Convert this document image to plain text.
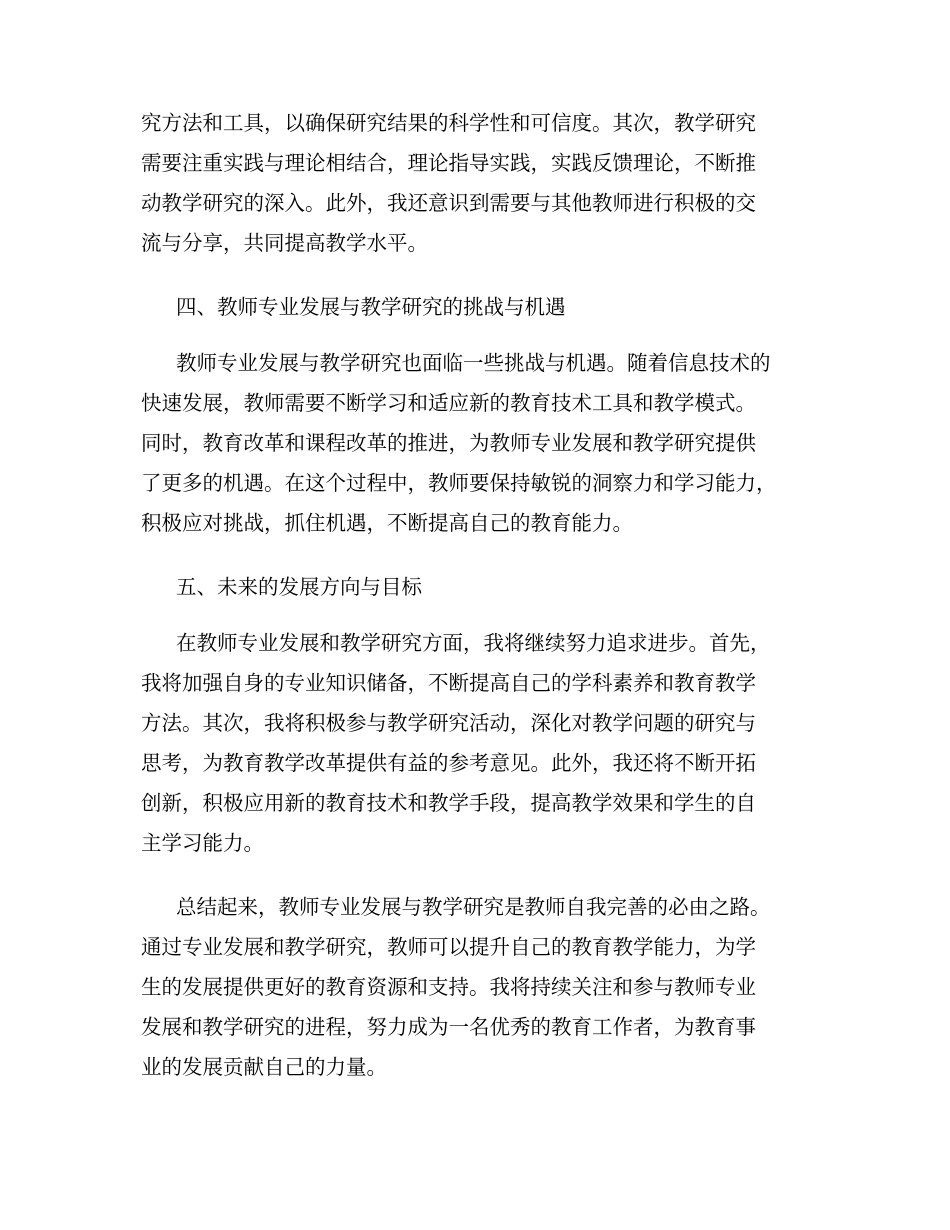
究方法和工具，以确保研究结果的科学性和可信度。其次，教学研究
需要注重实践与理论相结合，理论指导实践，实践反馈理论，不断推
动教学研究的深入。此外，我还意识到需要与其他教师进行积极的交
流与分享，共同提高教学水平。
四、教师专业发展与教学研究的挑战与机遇
教师专业发展与教学研究也面临一些挑战与机遇。随着信息技术的
快速发展，教师需要不断学习和适应新的教育技术工具和教学模式。
同时，教育改革和课程改革的推进，为教师专业发展和教学研究提供
了更多的机遇。在这个过程中，教师要保持敏锐的洞察力和学习能力，
积极应对挑战，抓住机遇，不断提高自己的教育能力。
五、未来的发展方向与目标
在教师专业发展和教学研究方面，我将继续努力追求进步。首先，
我将加强自身的专业知识储备，不断提高自己的学科素养和教育教学
方法。其次，我将积极参与教学研究活动，深化对教学问题的研究与
思考，为教育教学改革提供有益的参考意见。此外，我还将不断开拓
创新，积极应用新的教育技术和教学手段，提高教学效果和学生的自
主学习能力。
总结起来，教师专业发展与教学研究是教师自我完善的必由之路。
通过专业发展和教学研究，教师可以提升自己的教育教学能力，为学
生的发展提供更好的教育资源和支持。我将持续关注和参与教师专业
发展和教学研究的进程，努力成为一名优秀的教育工作者，为教育事
业的发展贡献自己的力量。
